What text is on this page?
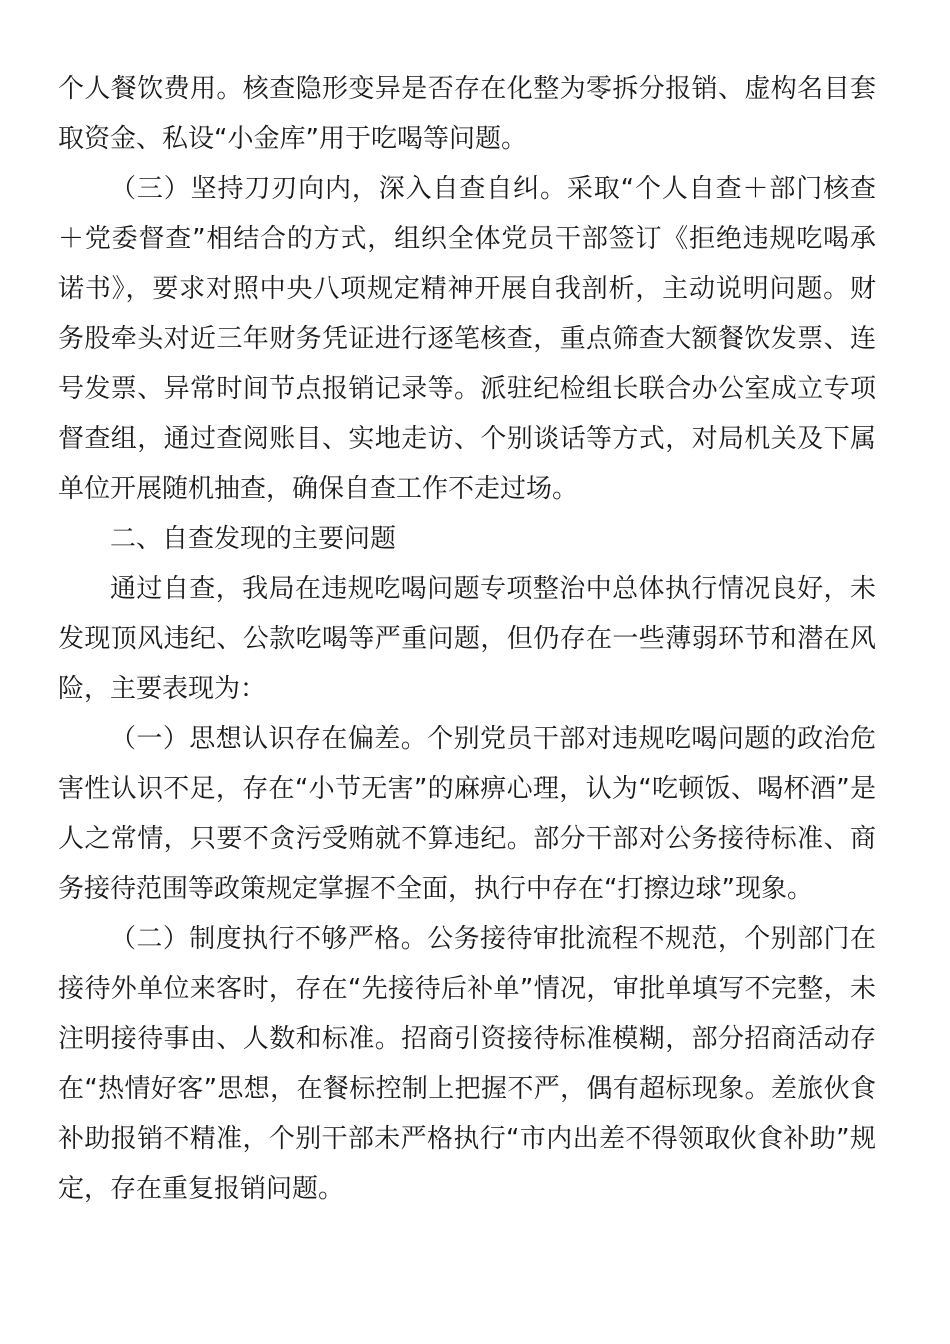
个人餐饮费用。核查隐形变异是否存在化整为零拆分报销、虚构名目套取资金、私设“小金库”用于吃喝等问题。

（三）坚持刀刃向内，深入自查自纠。采取“个人自查＋部门核查＋党委督查”相结合的方式，组织全体党员干部签订《拒绝违规吃喝承诺书》，要求对照中央八项规定精神开展自我剖析，主动说明问题。财务股牵头对近三年财务凭证进行逐笔核查，重点筛查大额餐饮发票、连号发票、异常时间节点报销记录等。派驻纪检组长联合办公室成立专项督查组，通过查阅账目、实地走访、个别谈话等方式，对局机关及下属单位开展随机抽查，确保自查工作不走过场。

二、自查发现的主要问题

通过自查，我局在违规吃喝问题专项整治中总体执行情况良好，未发现顶风违纪、公款吃喝等严重问题，但仍存在一些薄弱环节和潜在风险，主要表现为：

（一）思想认识存在偏差。个别党员干部对违规吃喝问题的政治危害性认识不足，存在“小节无害”的麻痹心理，认为“吃顿饭、喝杯酒”是人之常情，只要不贪污受贿就不算违纪。部分干部对公务接待标准、商务接待范围等政策规定掌握不全面，执行中存在“打擦边球”现象。

（二）制度执行不够严格。公务接待审批流程不规范，个别部门在接待外单位来客时，存在“先接待后补单”情况，审批单填写不完整，未注明接待事由、人数和标准。招商引资接待标准模糊，部分招商活动存在“热情好客”思想，在餐标控制上把握不严，偶有超标现象。差旅伙食补助报销不精准，个别干部未严格执行“市内出差不得领取伙食补助”规定，存在重复报销问题。
